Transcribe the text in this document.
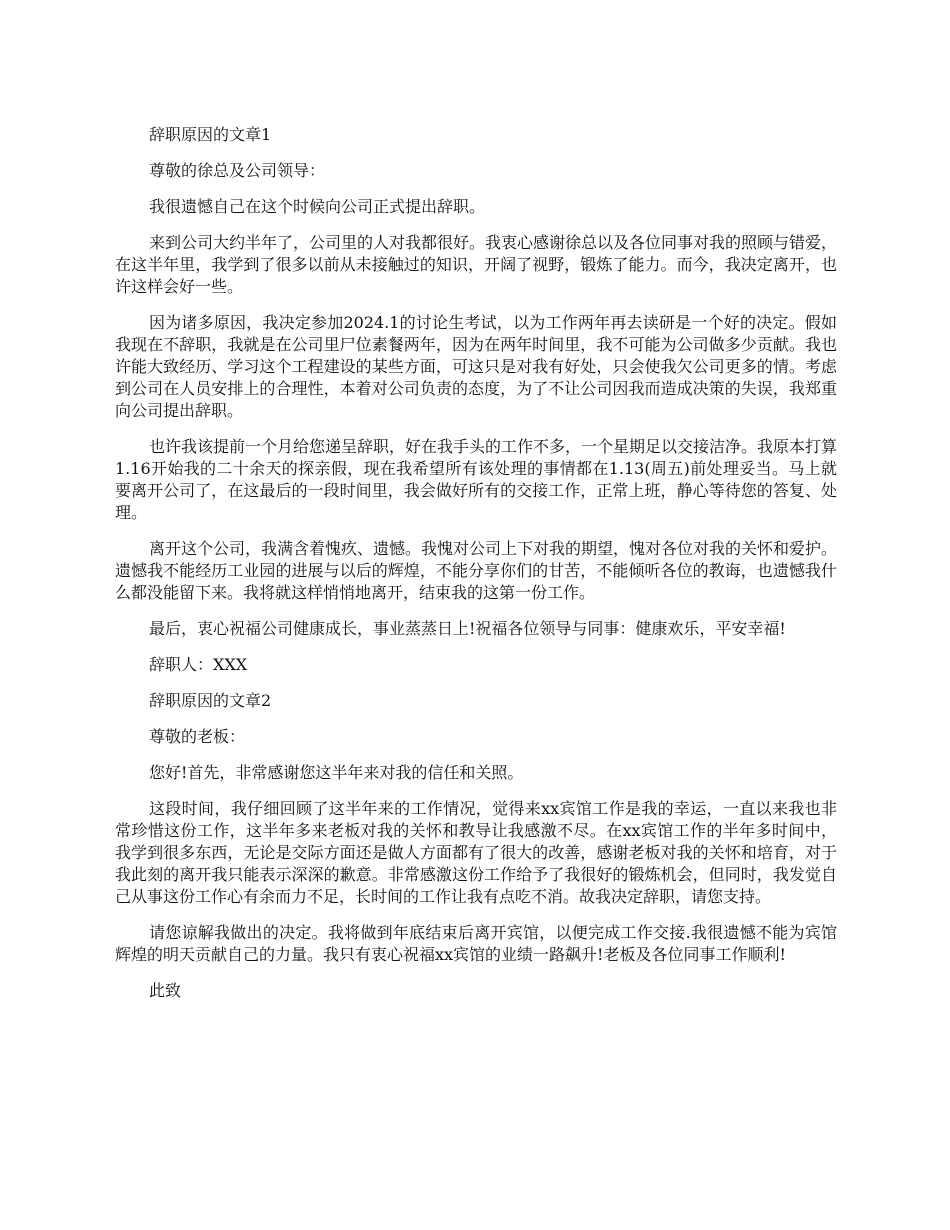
辞职原因的文章1

尊敬的徐总及公司领导：

我很遗憾自己在这个时候向公司正式提出辞职。

来到公司大约半年了，公司里的人对我都很好。我衷心感谢徐总以及各位同事对我的照顾与错爱，在这半年里，我学到了很多以前从未接触过的知识，开阔了视野，锻炼了能力。而今，我决定离开，也许这样会好一些。

因为诸多原因，我决定参加2024.1的讨论生考试，以为工作两年再去读研是一个好的决定。假如我现在不辞职，我就是在公司里尸位素餐两年，因为在两年时间里，我不可能为公司做多少贡献。我也许能大致经历、学习这个工程建设的某些方面，可这只是对我有好处，只会使我欠公司更多的情。考虑到公司在人员安排上的合理性，本着对公司负责的态度，为了不让公司因我而造成决策的失误，我郑重向公司提出辞职。

也许我该提前一个月给您递呈辞职，好在我手头的工作不多，一个星期足以交接洁净。我原本打算1.16开始我的二十余天的探亲假，现在我希望所有该处理的事情都在1.13(周五)前处理妥当。马上就要离开公司了，在这最后的一段时间里，我会做好所有的交接工作，正常上班，静心等待您的答复、处理。

离开这个公司，我满含着愧疚、遗憾。我愧对公司上下对我的期望，愧对各位对我的关怀和爱护。遗憾我不能经历工业园的进展与以后的辉煌，不能分享你们的甘苦，不能倾听各位的教诲，也遗憾我什么都没能留下来。我将就这样悄悄地离开，结束我的这第一份工作。

最后，衷心祝福公司健康成长，事业蒸蒸日上!祝福各位领导与同事：健康欢乐，平安幸福!

辞职人：XXX

辞职原因的文章2

尊敬的老板：

您好!首先，非常感谢您这半年来对我的信任和关照。

这段时间，我仔细回顾了这半年来的工作情况，觉得来xx宾馆工作是我的幸运，一直以来我也非常珍惜这份工作，这半年多来老板对我的关怀和教导让我感激不尽。在xx宾馆工作的半年多时间中，我学到很多东西，无论是交际方面还是做人方面都有了很大的改善，感谢老板对我的关怀和培育，对于我此刻的离开我只能表示深深的歉意。非常感激这份工作给予了我很好的锻炼机会，但同时，我发觉自己从事这份工作心有余而力不足，长时间的工作让我有点吃不消。故我决定辞职，请您支持。

请您谅解我做出的决定。我将做到年底结束后离开宾馆，以便完成工作交接.我很遗憾不能为宾馆辉煌的明天贡献自己的力量。我只有衷心祝福xx宾馆的业绩一路飙升!老板及各位同事工作顺利!

此致
